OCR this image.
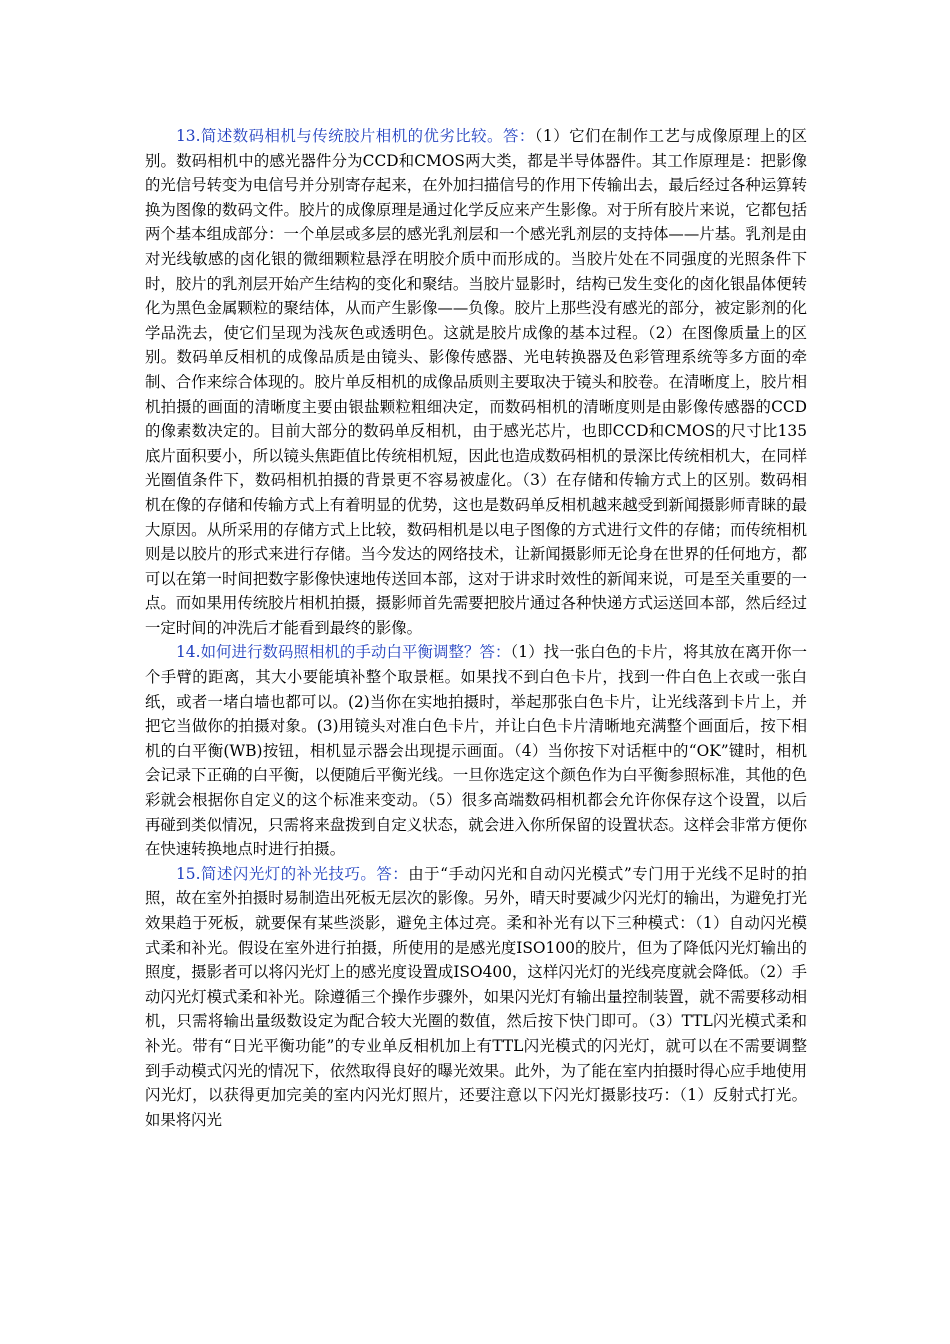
13.简述数码相机与传统胶片相机的优劣比较。答：（1）它们在制作工艺与成像原理上的区别。数码相机中的感光器件分为CCD和CMOS两大类，都是半导体器件。其工作原理是：把影像的光信号转变为电信号并分别寄存起来，在外加扫描信号的作用下传输出去，最后经过各种运算转换为图像的数码文件。胶片的成像原理是通过化学反应来产生影像。对于所有胶片来说，它都包括两个基本组成部分：一个单层或多层的感光乳剂层和一个感光乳剂层的支持体——片基。乳剂是由对光线敏感的卤化银的微细颗粒悬浮在明胶介质中而形成的。当胶片处在不同强度的光照条件下时，胶片的乳剂层开始产生结构的变化和聚结。当胶片显影时，结构已发生变化的卤化银晶体便转化为黑色金属颗粒的聚结体，从而产生影像——负像。胶片上那些没有感光的部分，被定影剂的化学品洗去，使它们呈现为浅灰色或透明色。这就是胶片成像的基本过程。（2）在图像质量上的区别。数码单反相机的成像品质是由镜头、影像传感器、光电转换器及色彩管理系统等多方面的牵制、合作来综合体现的。胶片单反相机的成像品质则主要取决于镜头和胶卷。在清晰度上，胶片相机拍摄的画面的清晰度主要由银盐颗粒粗细决定，而数码相机的清晰度则是由影像传感器的CCD的像素数决定的。目前大部分的数码单反相机，由于感光芯片，也即CCD和CMOS的尺寸比135底片面积要小，所以镜头焦距值比传统相机短，因此也造成数码相机的景深比传统相机大，在同样光圈值条件下，数码相机拍摄的背景更不容易被虚化。（3）在存储和传输方式上的区别。数码相机在像的存储和传输方式上有着明显的优势，这也是数码单反相机越来越受到新闻摄影师青睐的最大原因。从所采用的存储方式上比较，数码相机是以电子图像的方式进行文件的存储；而传统相机则是以胶片的形式来进行存储。当今发达的网络技术，让新闻摄影师无论身在世界的任何地方，都可以在第一时间把数字影像快速地传送回本部，这对于讲求时效性的新闻来说，可是至关重要的一点。而如果用传统胶片相机拍摄，摄影师首先需要把胶片通过各种快递方式运送回本部，然后经过一定时间的冲洗后才能看到最终的影像。

14.如何进行数码照相机的手动白平衡调整？答：（1）找一张白色的卡片，将其放在离开你一个手臂的距离，其大小要能填补整个取景框。如果找不到白色卡片，找到一件白色上衣或一张白纸，或者一堵白墙也都可以。(2)当你在实地拍摄时，举起那张白色卡片，让光线落到卡片上，并把它当做你的拍摄对象。(3)用镜头对准白色卡片，并让白色卡片清晰地充满整个画面后，按下相机的白平衡(WB)按钮，相机显示器会出现提示画面。（4）当你按下对话框中的“OK”键时，相机会记录下正确的白平衡，以便随后平衡光线。一旦你选定这个颜色作为白平衡参照标准，其他的色彩就会根据你自定义的这个标准来变动。（5）很多高端数码相机都会允许你保存这个设置，以后再碰到类似情况，只需将来盘拨到自定义状态，就会进入你所保留的设置状态。这样会非常方便你在快速转换地点时进行拍摄。

15.简述闪光灯的补光技巧。答：由于“手动闪光和自动闪光模式”专门用于光线不足时的拍照，故在室外拍摄时易制造出死板无层次的影像。另外，晴天时要减少闪光灯的输出，为避免打光效果趋于死板，就要保有某些淡影，避免主体过亮。柔和补光有以下三种模式：（1）自动闪光模式柔和补光。假设在室外进行拍摄，所使用的是感光度ISO100的胶片，但为了降低闪光灯输出的照度，摄影者可以将闪光灯上的感光度设置成ISO400，这样闪光灯的光线亮度就会降低。（2）手动闪光灯模式柔和补光。除遵循三个操作步骤外，如果闪光灯有输出量控制装置，就不需要移动相机，只需将输出量级数设定为配合较大光圈的数值，然后按下快门即可。（3）TTL闪光模式柔和补光。带有“日光平衡功能”的专业单反相机加上有TTL闪光模式的闪光灯，就可以在不需要调整到手动模式闪光的情况下，依然取得良好的曝光效果。此外，为了能在室内拍摄时得心应手地使用闪光灯，以获得更加完美的室内闪光灯照片，还要注意以下闪光灯摄影技巧：（1）反射式打光。如果将闪光
